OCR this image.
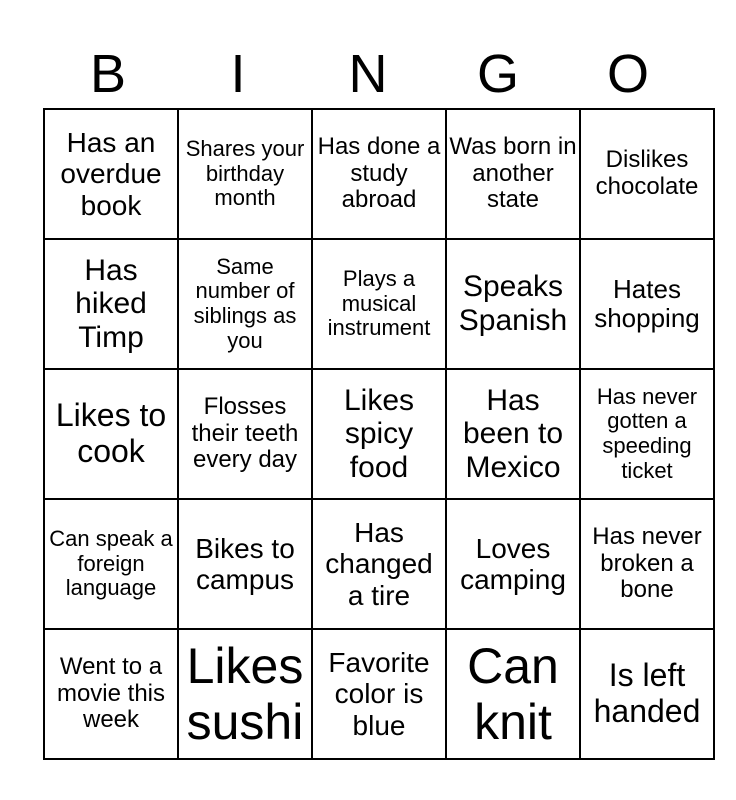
B	I	N	G	O
Has an overdue book	Shares your birthday month	Has done a study abroad	Was born in another state	Dislikes chocolate
Has hiked Timp	Same number of siblings as you	Plays a musical instrument	Speaks Spanish	Hates shopping
Likes to cook	Flosses their teeth every day	Likes spicy food	Has been to Mexico	Has never gotten a speeding ticket
Can speak a foreign language	Bikes to campus	Has changed a tire	Loves camping	Has never broken a bone
Went to a movie this week	Likes sushi	Favorite color is blue	Can knit	Is left handed
